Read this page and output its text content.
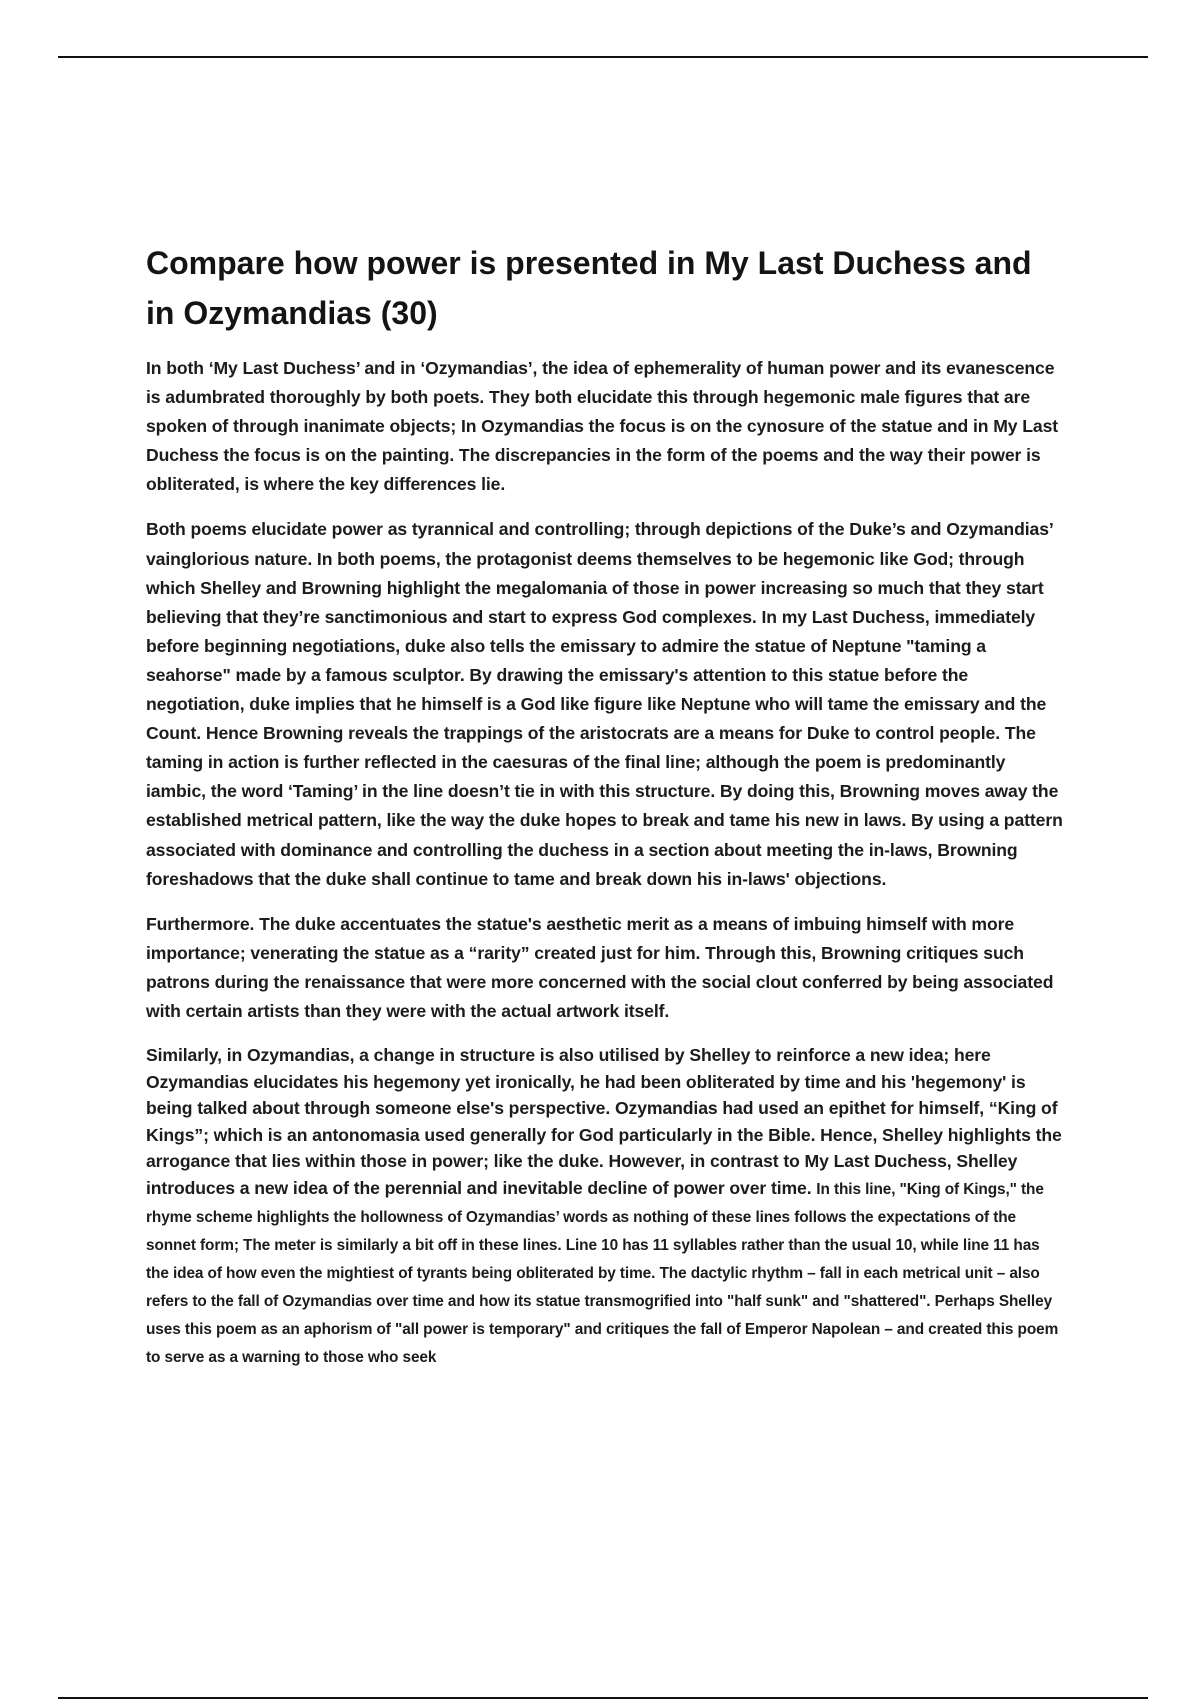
Compare how power is presented in My Last Duchess and in Ozymandias (30)

In both ‘My Last Duchess’ and in ‘Ozymandias’, the idea of ephemerality of human power and its evanescence is adumbrated thoroughly by both poets. They both elucidate this through hegemonic male figures that are spoken of through inanimate objects; In Ozymandias the focus is on the cynosure of the statue and in My Last Duchess the focus is on the painting. The discrepancies in the form of the poems and the way their power is obliterated, is where the key differences lie.

Both poems elucidate power as tyrannical and controlling; through depictions of the Duke’s and Ozymandias’ vainglorious nature. In both poems, the protagonist deems themselves to be hegemonic like God; through which Shelley and Browning highlight the megalomania of those in power increasing so much that they start believing that they’re sanctimonious and start to express God complexes. In my Last Duchess, immediately before beginning negotiations, duke also tells the emissary to admire the statue of Neptune "taming a seahorse" made by a famous sculptor. By drawing the emissary's attention to this statue before the negotiation, duke implies that he himself is a God like figure like Neptune who will tame the emissary and the Count. Hence Browning reveals the trappings of the aristocrats are a means for Duke to control people. The taming in action is further reflected in the caesuras of the final line; although the poem is predominantly iambic, the word ‘Taming’ in the line doesn’t tie in with this structure. By doing this, Browning moves away the established metrical pattern, like the way the duke hopes to break and tame his new in laws. By using a pattern associated with dominance and controlling the duchess in a section about meeting the in-laws, Browning foreshadows that the duke shall continue to tame and break down his in-laws' objections.

Furthermore. The duke accentuates the statue's aesthetic merit as a means of imbuing himself with more importance; venerating the statue as a “rarity” created just for him. Through this, Browning critiques such patrons during the renaissance that were more concerned with the social clout conferred by being associated with certain artists than they were with the actual artwork itself.

Similarly, in Ozymandias, a change in structure is also utilised by Shelley to reinforce a new idea; here Ozymandias elucidates his hegemony yet ironically, he had been obliterated by time and his 'hegemony' is being talked about through someone else's perspective. Ozymandias had used an epithet for himself, “King of Kings”; which is an antonomasia used generally for God particularly in the Bible. Hence, Shelley highlights the arrogance that lies within those in power; like the duke. However, in contrast to My Last Duchess, Shelley introduces a new idea of the perennial and inevitable decline of power over time. In this line, "King of Kings," the rhyme scheme highlights the hollowness of Ozymandias’ words as nothing of these lines follows the expectations of the sonnet form; The meter is similarly a bit off in these lines. Line 10 has 11 syllables rather than the usual 10, while line 11 has the idea of how even the mightiest of tyrants being obliterated by time. The dactylic rhythm – fall in each metrical unit – also refers to the fall of Ozymandias over time and how its statue transmogrified into "half sunk" and "shattered". Perhaps Shelley uses this poem as an aphorism of "all power is temporary" and critiques the fall of Emperor Napolean – and created this poem to serve as a warning to those who seek
